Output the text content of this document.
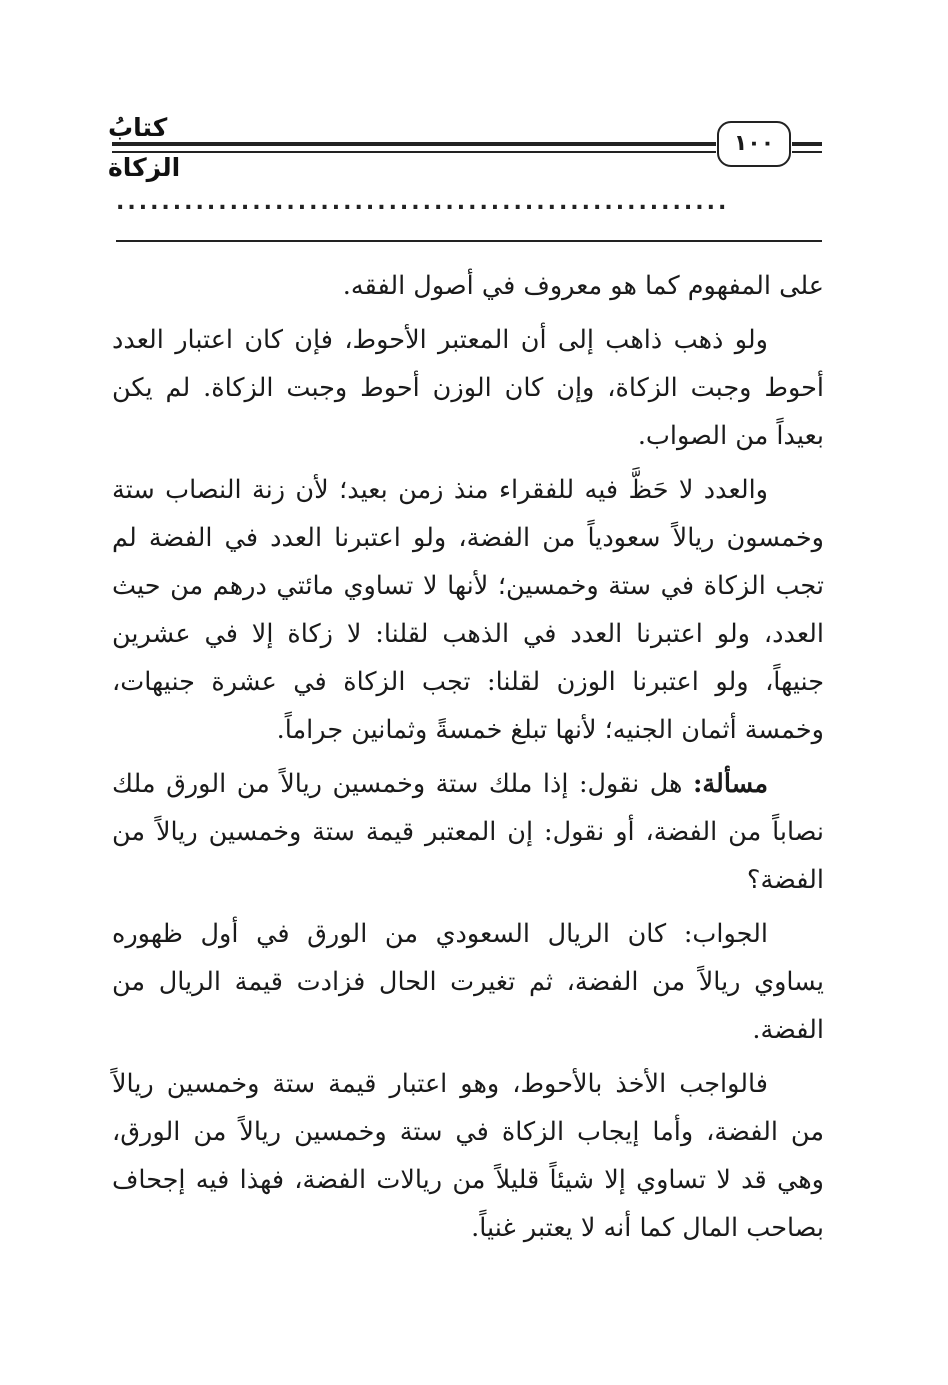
كتابُ الزكاة
١٠٠
......................................................

على المفهوم كما هو معروف في أصول الفقه.

ولو ذهب ذاهب إلى أن المعتبر الأحوط، فإن كان اعتبار العدد أحوط وجبت الزكاة، وإن كان الوزن أحوط وجبت الزكاة. لم يكن بعيداً من الصواب.

والعدد لا حَظَّ فيه للفقراء منذ زمن بعيد؛ لأن زنة النصاب ستة وخمسون ريالاً سعودياً من الفضة، ولو اعتبرنا العدد في الفضة لم تجب الزكاة في ستة وخمسين؛ لأنها لا تساوي مائتي درهم من حيث العدد، ولو اعتبرنا العدد في الذهب لقلنا: لا زكاة إلا في عشرين جنيهاً، ولو اعتبرنا الوزن لقلنا: تجب الزكاة في عشرة جنيهات، وخمسة أثمان الجنيه؛ لأنها تبلغ خمسةً وثمانين جراماً.

مسألة: هل نقول: إذا ملك ستة وخمسين ريالاً من الورق ملك نصاباً من الفضة، أو نقول: إن المعتبر قيمة ستة وخمسين ريالاً من الفضة؟

الجواب: كان الريال السعودي من الورق في أول ظهوره يساوي ريالاً من الفضة، ثم تغيرت الحال فزادت قيمة الريال من الفضة.

فالواجب الأخذ بالأحوط، وهو اعتبار قيمة ستة وخمسين ريالاً من الفضة، وأما إيجاب الزكاة في ستة وخمسين ريالاً من الورق، وهي قد لا تساوي إلا شيئاً قليلاً من ريالات الفضة، فهذا فيه إجحاف بصاحب المال كما أنه لا يعتبر غنياً.
